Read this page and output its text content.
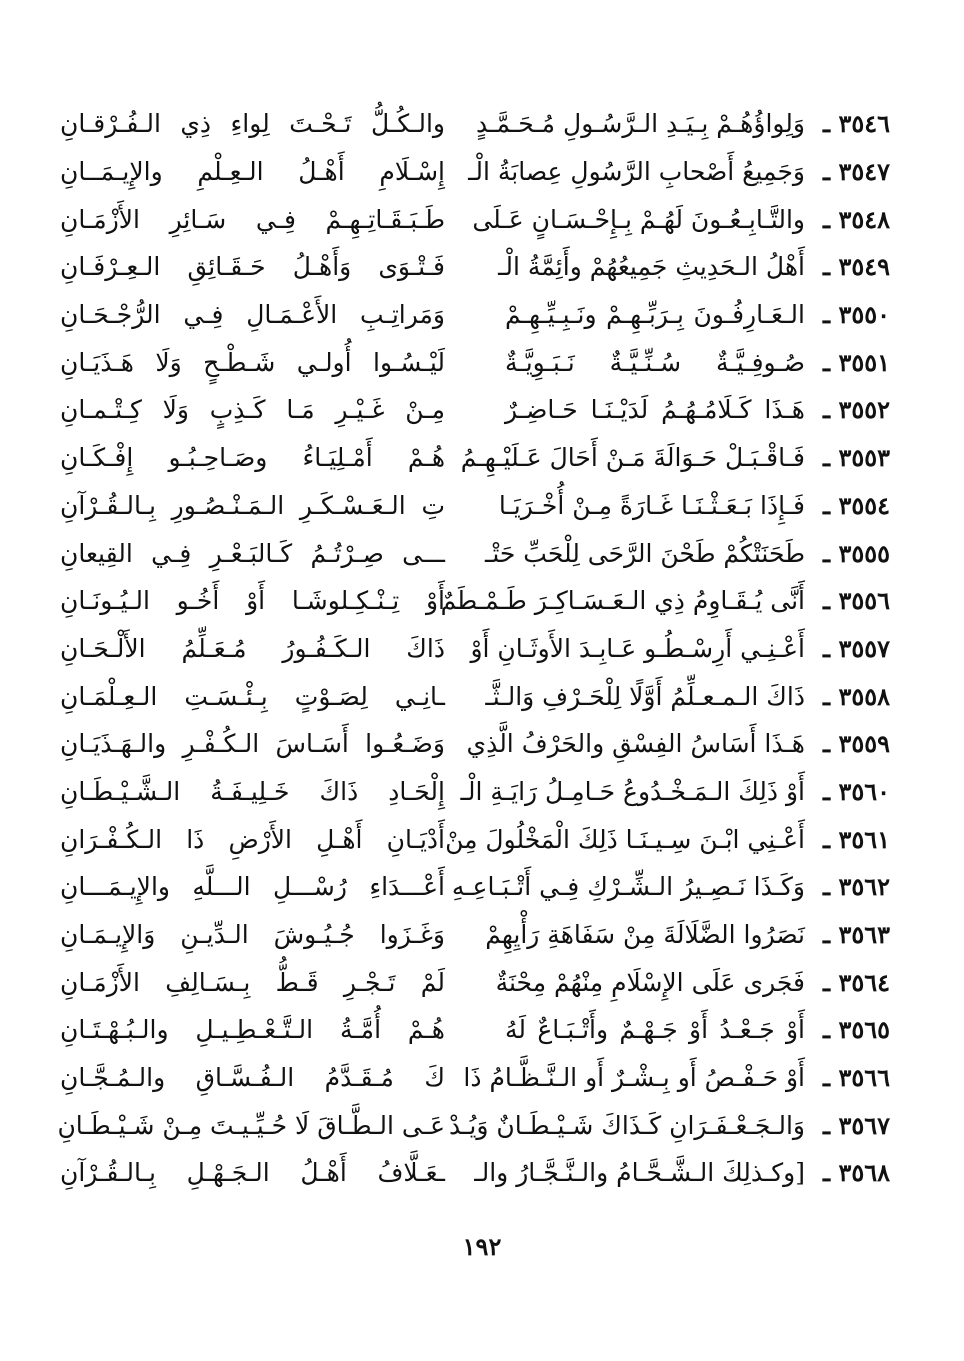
٣٥٤٦ ـ
وَلِواؤُهُـمْ بِـيَـدِ الـرَّسُـولِ مُـحَـمَّـدٍ
والـكُـلُّ تَـحْـتَ لِواءِ ذِي الـفُـرْقـانِ
٣٥٤٧ ـ
وَجَمِيعُ أَصْحابِ الرَّسُولِ عِصابَةُ الْـ
إِسْـلَامِ أَهْـلُ الـعِـلْمِ والإِيـمَــانِ
٣٥٤٨ ـ
والتَّـابِـعُـونَ لَهُـمْ بِـإِحْـسَـانٍ عَـلَى
طَـبَـقَـاتِـهِـمْ فِـي سَـائِرِ الأَزْمَـانِ
٣٥٤٩ ـ
أَهْلُ الـحَدِيثِ جَمِيعُهُمْ وأَئِمَّةُ الْـ
فَـتْـوَى وَأَهْـلُ حَـقَـائِقِ الـعِـرْفَـانِ
٣٥٥٠ ـ
الـعَـارِفُـونَ بِـرَبِّـهِـمْ ونَـبِـيِّـهِـمْ
وَمَراتِـبِ الأَعْـمَـالِ فِـي الرُّجْـحَـانِ
٣٥٥١ ـ
صُـوفِـيَّـةٌ سُـنِّـيَّـةٌ نَـبَـوِيَّـةٌ
لَيْـسُـوا أُولـي شَـطْـحٍ وَلَا هَـذَيَـانِ
٣٥٥٢ ـ
هَـذَا كَـلَامُـهُـمُ لَدَيْـنَـا حَـاضِـرٌ
مِـنْ غَـيْـرِ مَـا كَـذِبٍ وَلَا كِـتْـمـانِ
٣٥٥٣ ـ
فَـاقْـبَـلْ حَـوَالَةَ مَـنْ أَحَالَ عَـلَيْـهِـمُ
هُـمْ أَمْـلِيَـاءُ وصَـاحِـبُـو إِفْـكَـانِ
٣٥٥٤ ـ
فَـإِذَا بَـعَـثْـنَـا غَـارَةً مِـنْ أُخْـرَيَـا
تِ الـعَـسْـكَـرِ الـمَـنْـصُـورِ بِـالـقُـرْآنِ
٣٥٥٥ ـ
طَحَنَتْكُمْ طَحْنَ الرَّحَى لِلْحَبِّ حَتْـ
ـــى صِـرْتُـمُ كَـالبَـعْـرِ فِـي القِيعانِ
٣٥٥٦ ـ
أَنَّى يُـقَـاوِمُ ذِي الـعَـسَـاكِـرَ طَـمْـطَمٌ
أَوْ تِـنْـكِـلوشَـا أَوْ أَخُـو الـيُـونَـانِ
٣٥٥٧ ـ
أَعْـنِـي أَرِسْـطُـو عَـابِـدَ الأَوثَـانِ أَوْ
ذَاكَ الـكَـفُـورُ مُـعَـلِّمُ الأَلْـحَـانِ
٣٥٥٨ ـ
ذَاكَ الـمـعـلِّمُ أَوَّلًا لِلْحَـرْفِ وَالـثَّـ
ـانِـي لِصَـوْتٍ بِـئْـسَـتِ الـعِـلْمَـانِ
٣٥٥٩ ـ
هَـذَا أَسَاسُ الفِسْقِ والحَرْفُ الَّذِي
وَضَـعُـوا أَسَـاسَ الـكُـفْـرِ والـهَـذَيَـانِ
٣٥٦٠ ـ
أَوْ ذَلِكَ الـمَـخْـدُوعُ حَـامِـلُ رَايَـةِ الْـ
إِلْحَـادِ ذَاكَ خَـلِيـفَـةُ الـشَّـيْـطَـانِ
٣٥٦١ ـ
أَعْـنِي ابْـنَ سِـيـنَـا ذَلِكَ الْمَخْلُولَ مِنْ
أَدْيَـانِ أَهْـلِ الأَرْضِ ذَا الـكُـفْـرَانِ
٣٥٦٢ ـ
وَكَـذَا نَـصِـيرُ الـشِّـرْكِ فِـي أَتْـبَـاعِـهِ
أَعْـــدَاءِ رُسْـــلِ الـــلَّهِ والإِيـمَـــانِ
٣٥٦٣ ـ
نَصَرُوا الضَّلَالَةَ مِنْ سَفَاهَةِ رَأْيِهِمْ
وَغَـزَوا جُـيُـوشَ الـدِّيـنِ وَالإِيـمَـانِ
٣٥٦٤ ـ
فَجَرى عَلَى الإِسْلَامِ مِنْهُمْ مِحْنَةٌ
لَمْ تَـجْـرِ قَـطُّ بِـسَـالِفِ الأَزْمَـانِ
٣٥٦٥ ـ
أَوْ جَـعْـدُ أَوْ جَـهْـمٌ وأَتْـبَـاعٌ لَهُ
هُـمْ أُمَّـةُ الـتَّـعْـطِـيـلِ والـبُـهْـتَـانِ
٣٥٦٦ ـ
أَوْ حَـفْـصُ أَو بِـشْـرٌ أَو الـنَّـظَّـامُ ذَا
كَ مُـقَـدَّمُ الـفُـسَّـاقِ والـمُـجَّـانِ
٣٥٦٧ ـ
وَالـجَـعْـفَـرَانِ كَـذَاكَ شَـيْـطَـانٌ وَيُـدْ
عَـى الـطَّـاقَ لَا حُـيِّـيـتَ مِـنْ شَـيْـطَـانِ
٣٥٦٨ ـ
[وكـذلِكَ الـشَّـحَّـامُ والـنَّـجَّـارُ والـ
ـعَـلَّافُ أَهْـلُ الـجَـهْـلِ بِـالـقُـرْآنِ
١٩٢
